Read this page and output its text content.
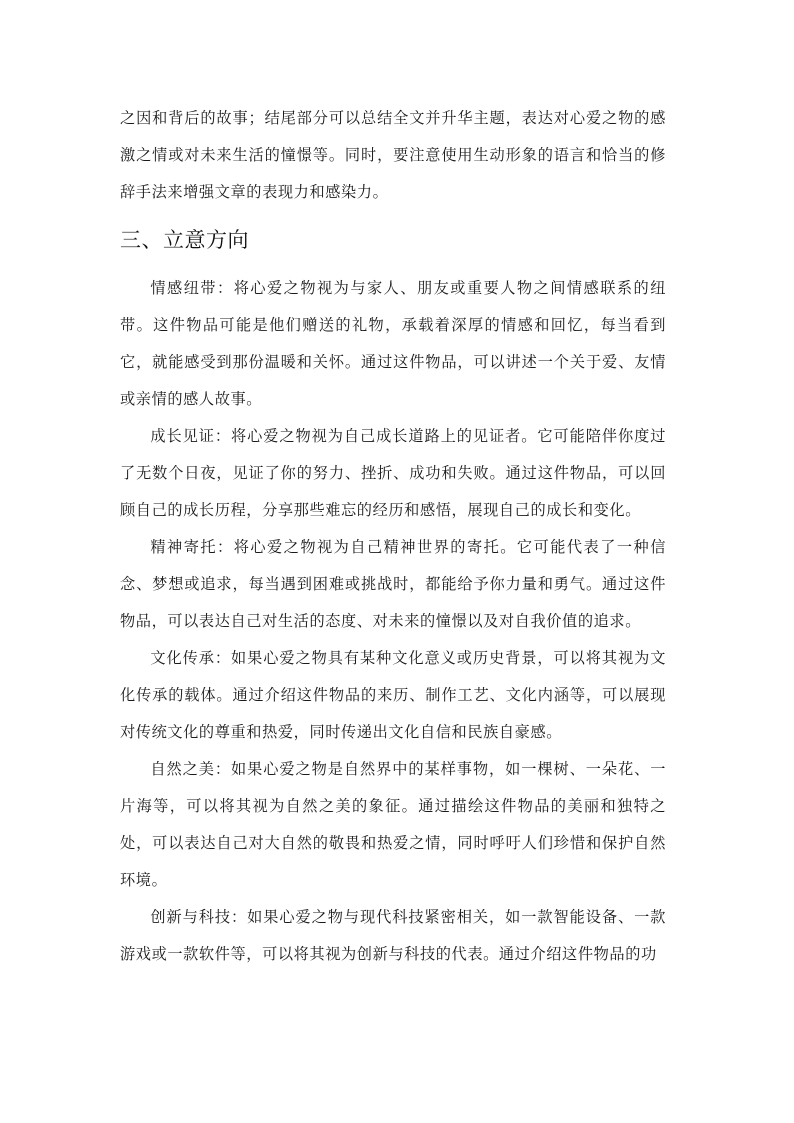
之因和背后的故事；结尾部分可以总结全文并升华主题，表达对心爱之物的感激之情或对未来生活的憧憬等。同时，要注意使用生动形象的语言和恰当的修辞手法来增强文章的表现力和感染力。

三、立意方向

情感纽带：将心爱之物视为与家人、朋友或重要人物之间情感联系的纽带。这件物品可能是他们赠送的礼物，承载着深厚的情感和回忆，每当看到它，就能感受到那份温暖和关怀。通过这件物品，可以讲述一个关于爱、友情或亲情的感人故事。

成长见证：将心爱之物视为自己成长道路上的见证者。它可能陪伴你度过了无数个日夜，见证了你的努力、挫折、成功和失败。通过这件物品，可以回顾自己的成长历程，分享那些难忘的经历和感悟，展现自己的成长和变化。

精神寄托：将心爱之物视为自己精神世界的寄托。它可能代表了一种信念、梦想或追求，每当遇到困难或挑战时，都能给予你力量和勇气。通过这件物品，可以表达自己对生活的态度、对未来的憧憬以及对自我价值的追求。

文化传承：如果心爱之物具有某种文化意义或历史背景，可以将其视为文化传承的载体。通过介绍这件物品的来历、制作工艺、文化内涵等，可以展现对传统文化的尊重和热爱，同时传递出文化自信和民族自豪感。

自然之美：如果心爱之物是自然界中的某样事物，如一棵树、一朵花、一片海等，可以将其视为自然之美的象征。通过描绘这件物品的美丽和独特之处，可以表达自己对大自然的敬畏和热爱之情，同时呼吁人们珍惜和保护自然环境。

创新与科技：如果心爱之物与现代科技紧密相关，如一款智能设备、一款游戏或一款软件等，可以将其视为创新与科技的代表。通过介绍这件物品的功
